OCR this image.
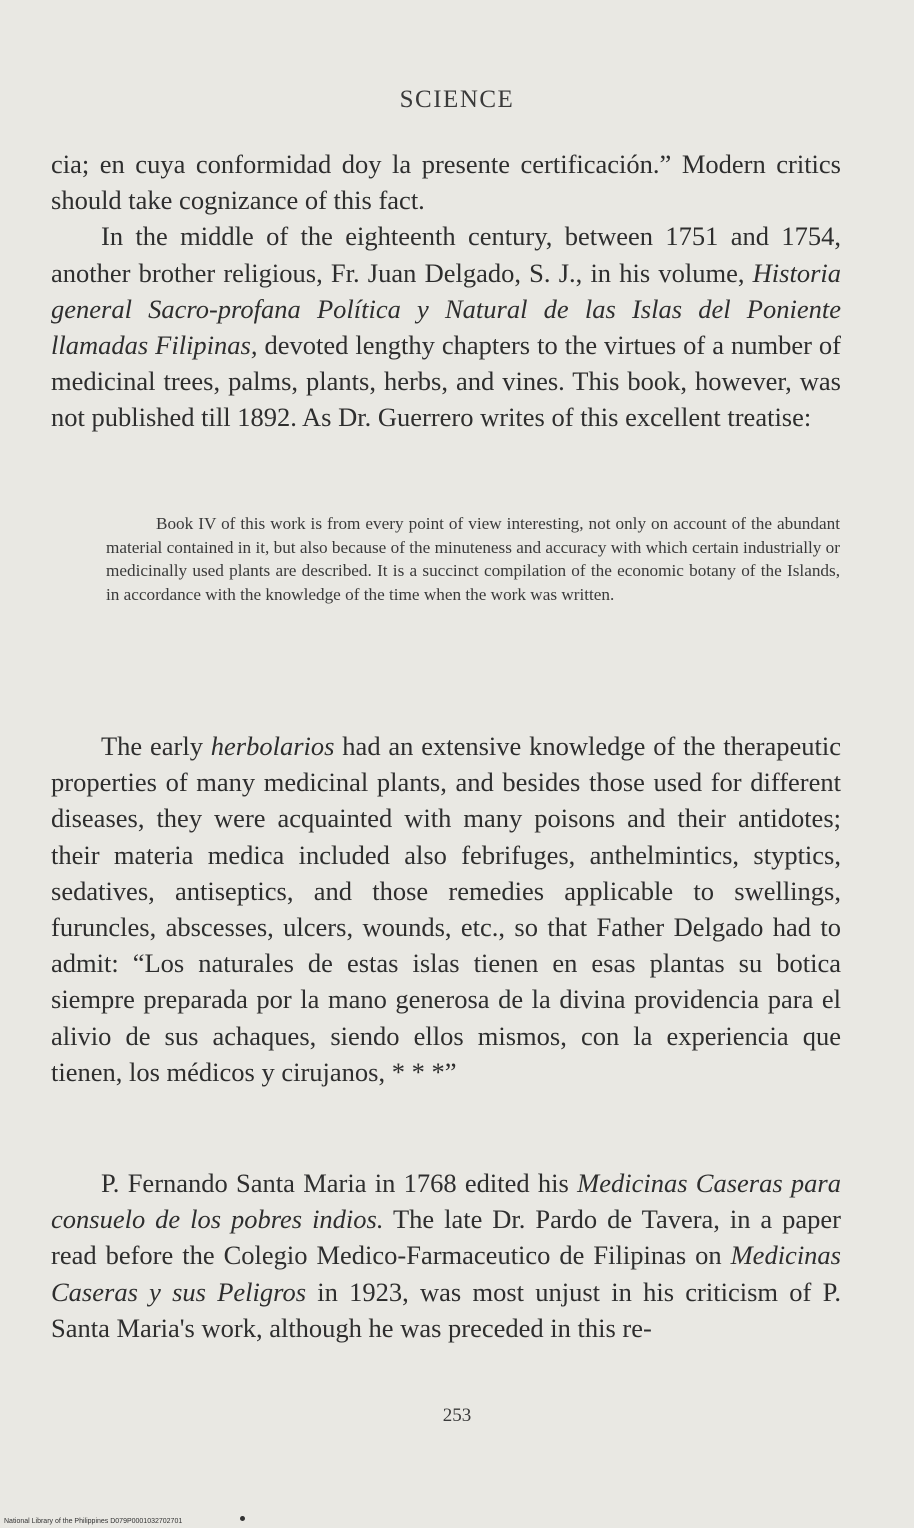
SCIENCE

cia; en cuya conformidad doy la presente certificación.” Modern critics should take cognizance of this fact.

In the middle of the eighteenth century, between 1751 and 1754, another brother religious, Fr. Juan Delgado, S. J., in his volume, Historia general Sacro-profana Política y Natural de las Islas del Poniente llamadas Filipinas, devoted lengthy chapters to the virtues of a number of medicinal trees, palms, plants, herbs, and vines. This book, however, was not published till 1892. As Dr. Guerrero writes of this excellent treatise:

Book IV of this work is from every point of view interesting, not only on account of the abundant material contained in it, but also because of the minuteness and accuracy with which certain industrially or medicinally used plants are described. It is a succinct compilation of the economic botany of the Islands, in accordance with the knowledge of the time when the work was written.

The early herbolarios had an extensive knowledge of the therapeutic properties of many medicinal plants, and besides those used for different diseases, they were acquainted with many poisons and their antidotes; their materia medica included also febrifuges, anthelmintics, styptics, sedatives, antiseptics, and those remedies applicable to swellings, furuncles, abscesses, ulcers, wounds, etc., so that Father Delgado had to admit: “Los naturales de estas islas tienen en esas plantas su botica siempre preparada por la mano generosa de la divina providencia para el alivio de sus achaques, siendo ellos mismos, con la experiencia que tienen, los médicos y cirujanos, * * *”

P. Fernando Santa Maria in 1768 edited his Medicinas Caseras para consuelo de los pobres indios. The late Dr. Pardo de Tavera, in a paper read before the Colegio Medico-Farmaceutico de Filipinas on Medicinas Caseras y sus Peligros in 1923, was most unjust in his criticism of P. Santa Maria's work, although he was preceded in this re-

253
National Library of the Philippines D079P0001032702701
